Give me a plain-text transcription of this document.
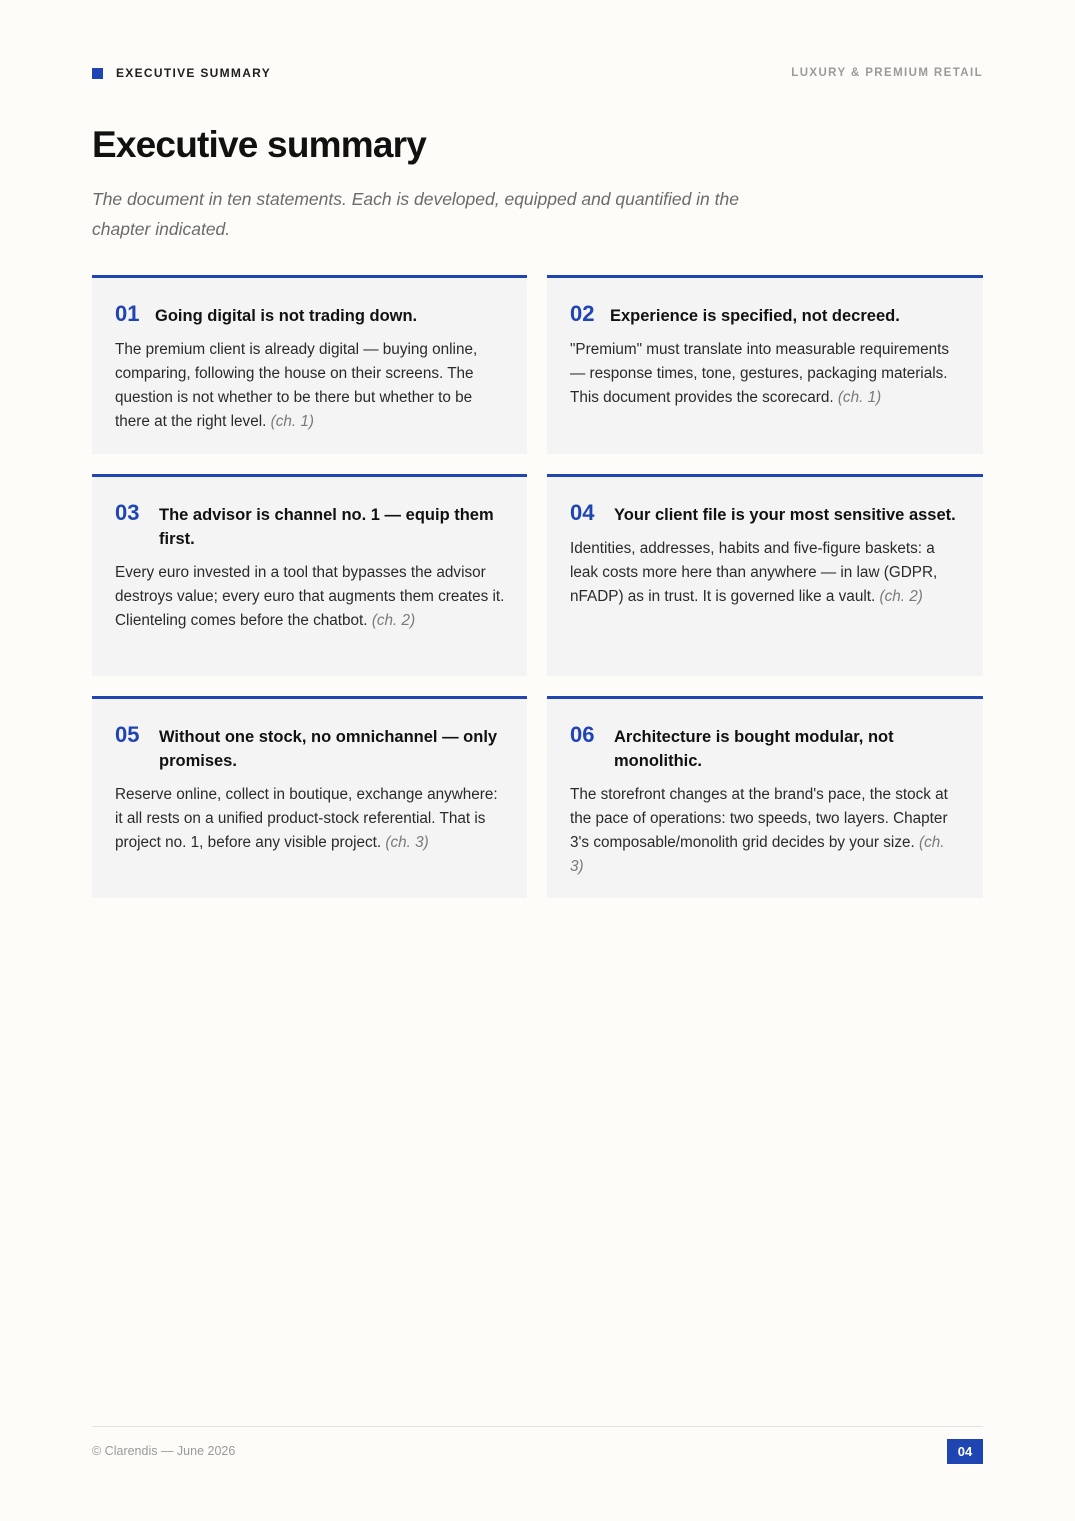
EXECUTIVE SUMMARY	LUXURY & PREMIUM RETAIL
Executive summary

The document in ten statements. Each is developed, equipped and quantified in the chapter indicated.

01 Going digital is not trading down.
The premium client is already digital — buying online, comparing, following the house on their screens. The question is not whether to be there but whether to be there at the right level. (ch. 1)
02 Experience is specified, not decreed.
"Premium" must translate into measurable requirements — response times, tone, gestures, packaging materials. This document provides the scorecard. (ch. 1)
03	The advisor is channel no. 1 — equip them first.
Every euro invested in a tool that bypasses the advisor destroys value; every euro that augments them creates it. Clienteling comes before the chatbot. (ch. 2)
04	Your client file is your most sensitive asset.
Identities, addresses, habits and five-figure baskets: a leak costs more here than anywhere — in law (GDPR, nFADP) as in trust. It is governed like a vault. (ch. 2)
05	Without one stock, no omnichannel — only promises.
Reserve online, collect in boutique, exchange anywhere: it all rests on a unified product-stock referential. That is project no. 1, before any visible project. (ch. 3)
06	Architecture is bought modular, not monolithic.
The storefront changes at the brand's pace, the stock at the pace of operations: two speeds, two layers. Chapter 3's composable/monolith grid decides by your size. (ch. 3)
© Clarendis — June 2026	04
